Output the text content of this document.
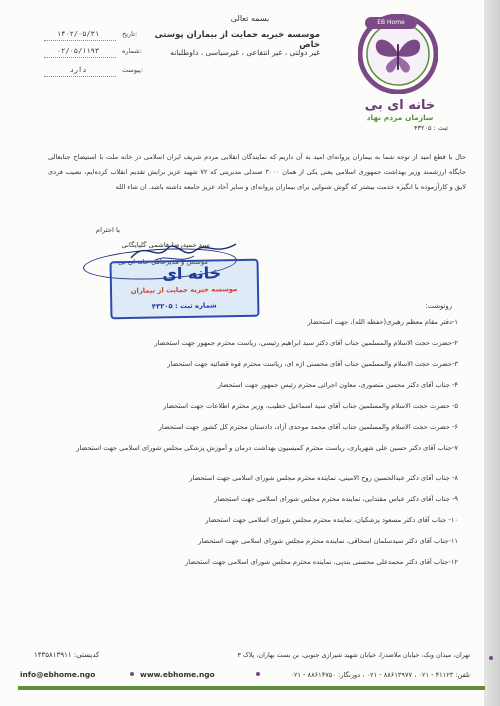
بسمه تعالی
موسسه خیریه حمایت از بیماران پوستی خاص
غیر دولتی ، غیر انتفاعی ، غیرسیاسی ، داوطلبانه
۱۴۰۲/۰۵/۳۱	تاریخ:
۰۲/۰۵/۱۱۹۳	شماره:
دارد	پیوست:
EB Home
خانه ای بی
سازمان مردم نهاد
ثبت : ۴۳۲۰۵
حال با قطع امید از توجه شما به بیماران پروانه‌ای امید به آن داریم که نمایندگان انقلابی مردم شریف ایران اسلامی در خانه ملت با استیضاح جنابعالی جایگاه ارزشمند وزیر بهداشت جمهوری اسلامی یعنی یکی از همان ۳۰۰۰ صندلی مدیریتی که ۷۲ شهید عزیز برایش تقدیم انقلاب کرده‌ایم، نصیب فردی لایق و کارآزموده با انگیزه خدمت بیشتر که گوش شنوایی برای بیماران پروانه‌ای و سایر آحاد عزیز جامعه داشته باشد. ان شاء الله
با احترام
سید حمیدرضا هاشمی گلپایگانی
مؤسس و مدیرعامل خانه ای بی
خانه ای
موسسه خیریه حمایت از بیماران
شماره ثبت : ۴۳۲۰۵	رونوشت:
۱-دفتر مقام معظم رهبری(حفظه الله)، جهت استحضار
۲-حضرت حجت الاسلام والمسلمین جناب آقای دکتر سید ابراهیم رئیسی، ریاست محترم جمهور جهت استحضار
۳-حضرت حجت الاسلام والمسلمین جناب آقای محسنی اژه ای، ریاست محترم قوه قضائیه جهت استحضار
۴- جناب آقای دکتر محسن منصوری، معاون اجرائی محترم رئیس جمهور جهت استحضار
۵- حضرت حجت الاسلام والمسلمین جناب آقای سید اسماعیل خطیب، وزیر محترم اطلاعات جهت استحضار
۶- حضرت حجت الاسلام والمسلمین جناب آقای محمد موحدی آزاد، دادستان محترم کل کشور جهت استحضار
۷-جناب آقای دکتر حسین علی شهریاری، ریاست محترم کمیسیون بهداشت درمان و آموزش پزشکی مجلس شورای اسلامی جهت استحضار
۸- جناب آقای دکتر عبدالحسین روح الامینی، نماینده محترم مجلس شورای اسلامی جهت استحضار
۹- جناب آقای دکتر عباس مقتدایی، نماینده محترم مجلس شورای اسلامی جهت استحضار
۱۰- جناب آقای دکتر مسعود پزشکیان، نماینده محترم مجلس شورای اسلامی جهت استحضار
۱۱-جناب آقای دکتر سیدسلمان اسحاقی، نماینده محترم مجلس شورای اسلامی جهت استحضار
۱۲-جناب آقای دکتر محمدعلی محسنی بندپی، نماینده محترم مجلس شورای اسلامی جهت استحضار
تهران، میدان ونک، خیابان ملاصدرا، خیابان شهید شیرازی جنوبی، بن بست بهاران، پلاک ۳
کدپستی: ۱۴۳۵۸۱۳۹۱۱
تلفن: ۴۱۱۲۳ - ۰۲۱ ، ۸۸۶۱۳۹۷۷ - ۰۲۱ ، دورنگار: ۸۸۶۱۴۷۵۰ - ۰۲۱
www.ebhome.ngo
info@ebhome.ngo
